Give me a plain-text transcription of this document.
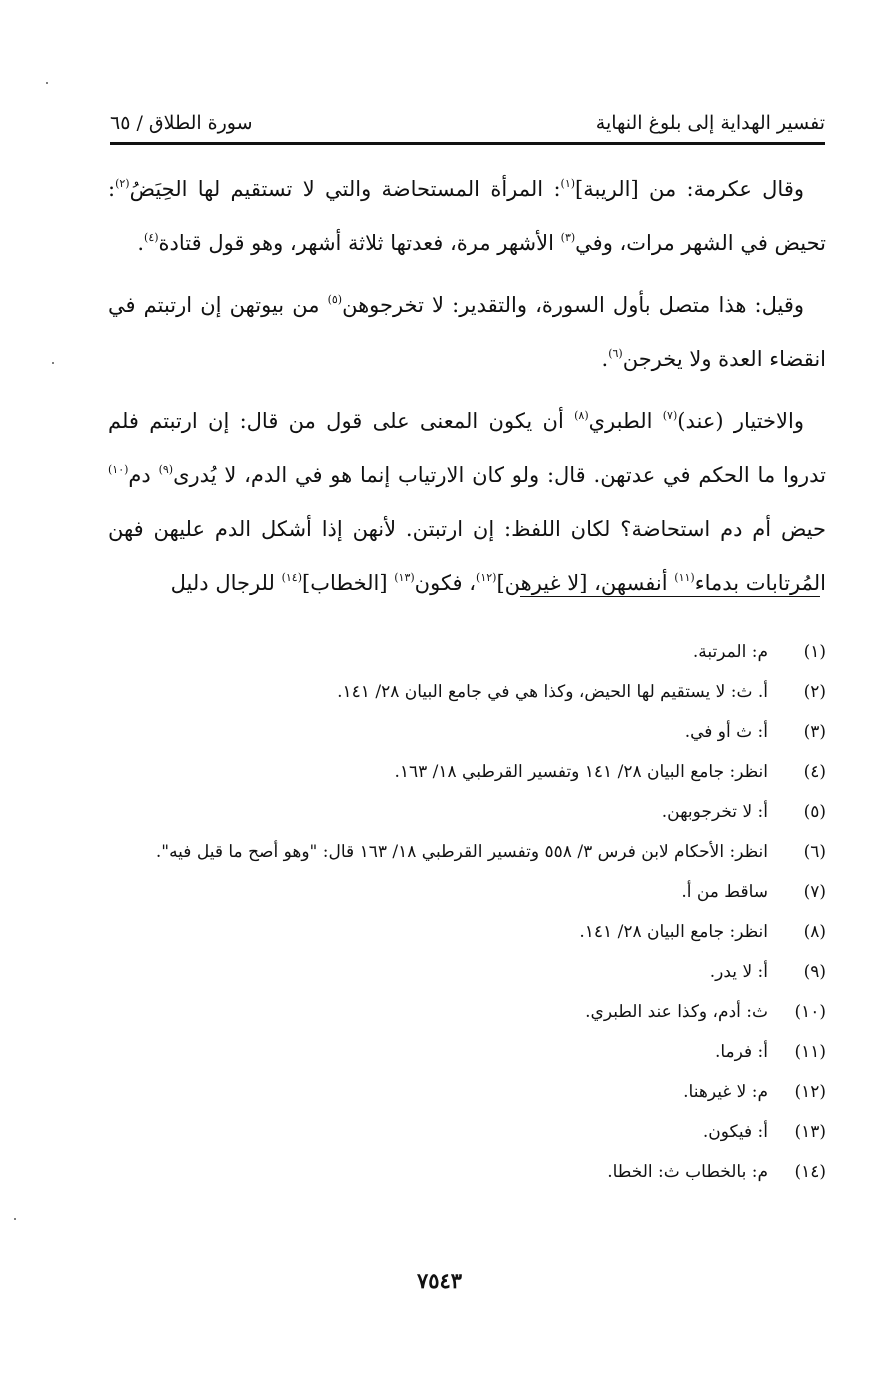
تفسير الهداية إلى بلوغ النهاية
سورة الطلاق / ٦٥

وقال عكرمة: من [الريبة]$^{(١)}$: المرأة المستحاضة والتي لا تستقيم لها الحِيَضُ$^{(٢)}$: تحيض في الشهر مرات، وفي$^{(٣)}$ الأشهر مرة، فعدتها ثلاثة أشهر، وهو قول قتادة$^{(٤)}$.

وقيل: هذا متصل بأول السورة، والتقدير: لا تخرجوهن$^{(٥)}$ من بيوتهن إن ارتبتم في انقضاء العدة ولا يخرجن$^{(٦)}$.

والاختيار (عند)$^{(٧)}$ الطبري$^{(٨)}$ أن يكون المعنى على قول من قال: إن ارتبتم فلم تدروا ما الحكم في عدتهن. قال: ولو كان الارتياب إنما هو في الدم، لا يُدرى$^{(٩)}$ دم$^{(١٠)}$ حيض أم دم استحاضة؟ لكان اللفظ: إن ارتبتن. لأنهن إذا أشكل الدم عليهن فهن المُرتابات بدماء$^{(١١)}$ أنفسهن، [لا غيرهن]$^{(١٢)}$، فكون$^{(١٣)}$ [الخطاب]$^{(١٤)}$ للرجال دليل

(١)
م: المرتبة.
(٢)
أ. ث: لا يستقيم لها الحيض، وكذا هي في جامع البيان ٢٨/ ١٤١.
(٣)
أ: ث أو في.
(٤)
انظر: جامع البيان ٢٨/ ١٤١ وتفسير القرطبي ١٨/ ١٦٣.
(٥)
أ: لا تخرجوبهن.
(٦)
انظر: الأحكام لابن فرس ٣/ ٥٥٨ وتفسير القرطبي ١٨/ ١٦٣ قال: "وهو أصح ما قيل فيه".
(٧)
ساقط من أ.
(٨)
انظر: جامع البيان ٢٨/ ١٤١.
(٩)
أ: لا يدر.
(١٠)
ث: أدم، وكذا عند الطبري.
(١١)
أ: فرما.
(١٢)
م: لا غيرهنا.
(١٣)
أ: فيكون.
(١٤)
م: بالخطاب ث: الخطا.
٧٥٤٣
